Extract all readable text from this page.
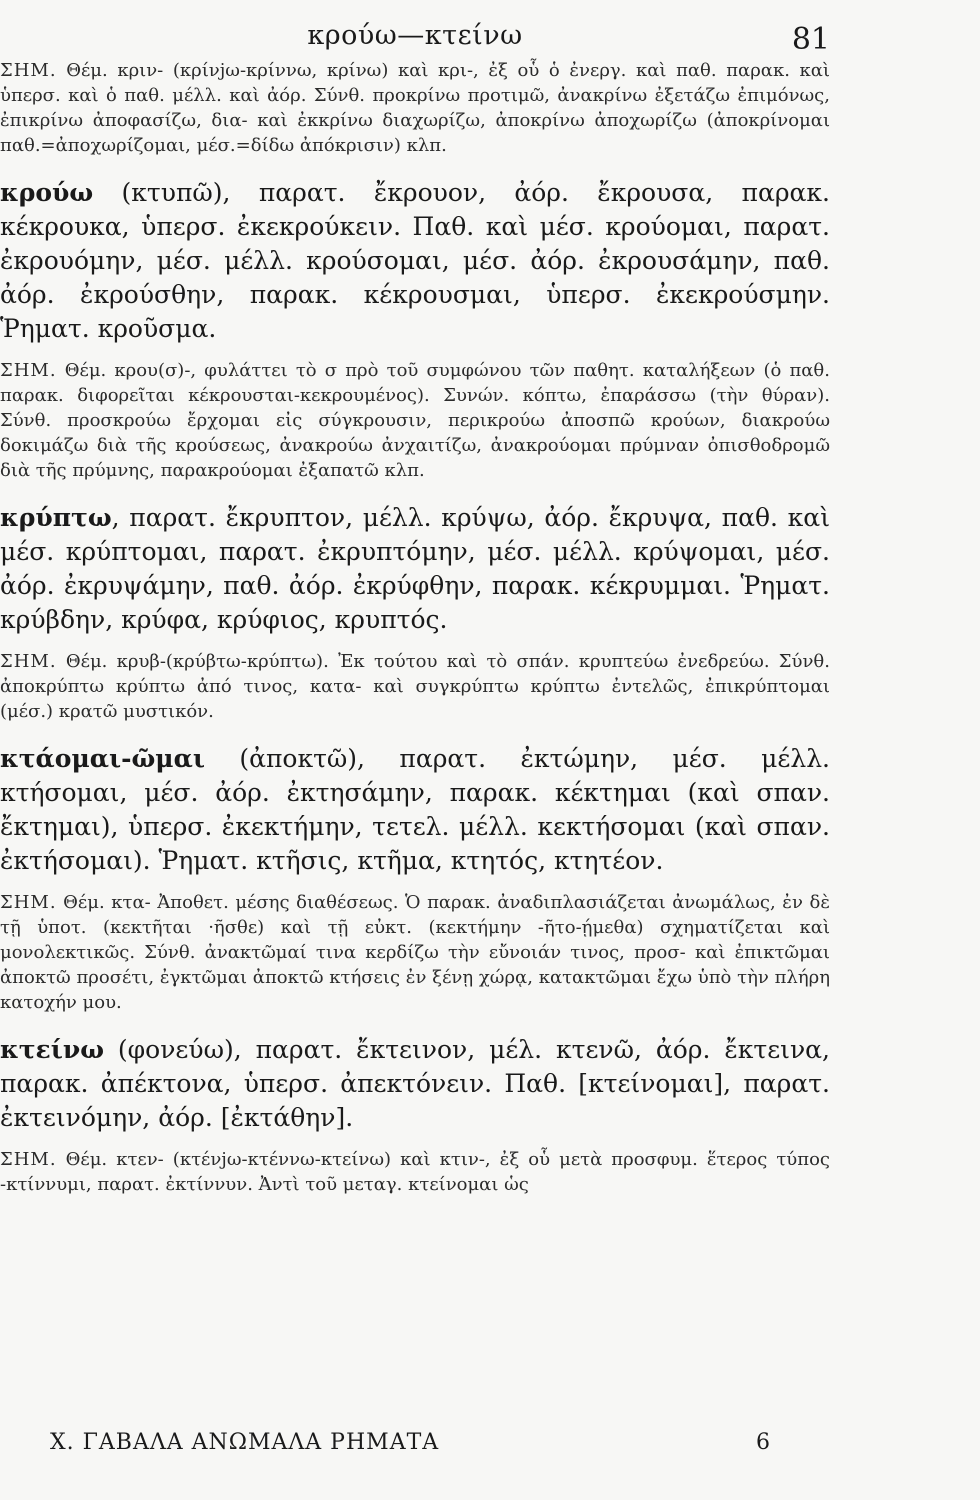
κρούω—κτείνω	81

ΣΗΜ. Θέμ. κριν- (κρίνjω-κρίννω, κρίνω) καὶ κρι-, ἐξ οὗ ὁ ἐνεργ. καὶ παθ. παρακ. καὶ ὑπερσ. καὶ ὁ παθ. μέλλ. καὶ ἀόρ. Σύνθ. προκρίνω προτιμῶ, ἀνακρίνω ἐξετάζω ἐπιμόνως, ἐπικρίνω ἀποφασίζω, δια- καὶ ἐκκρίνω διαχωρίζω, ἀποκρίνω ἀποχωρίζω (ἀποκρίνομαι παθ.=ἀποχωρίζομαι, μέσ.=δίδω ἀπόκρισιν) κλπ.

κρούω (κτυπῶ), παρατ. ἔκρουον, ἀόρ. ἔκρουσα, παρακ. κέκρουκα, ὑπερσ. ἐκεκρούκειν. Παθ. καὶ μέσ. κρούομαι, παρατ. ἐκρουόμην, μέσ. μέλλ. κρούσομαι, μέσ. ἀόρ. ἐκρουσάμην, παθ. ἀόρ. ἐκρούσθην, παρακ. κέκρουσμαι, ὑπερσ. ἐκεκρούσμην. Ῥηματ. κροῦσμα.

ΣΗΜ. Θέμ. κρου(σ)-, φυλάττει τὸ σ πρὸ τοῦ συμφώνου τῶν παθητ. καταλήξεων (ὁ παθ. παρακ. διφορεῖται κέκρουσται-κεκρουμένος). Συνών. κόπτω, ἐπαράσσω (τὴν θύραν). Σύνθ. προσκρούω ἔρχομαι εἰς σύγκρουσιν, περικρούω ἀποσπῶ κρούων, διακρούω δοκιμάζω διὰ τῆς κρούσεως, ἀνακρούω ἀνχαιτίζω, ἀνακρούομαι πρύμναν ὀπισθοδρομῶ διὰ τῆς πρύμνης, παρακρούομαι ἐξαπατῶ κλπ.

κρύπτω, παρατ. ἔκρυπτον, μέλλ. κρύψω, ἀόρ. ἔκρυψα, παθ. καὶ μέσ. κρύπτομαι, παρατ. ἐκρυπτόμην, μέσ. μέλλ. κρύψομαι, μέσ. ἀόρ. ἐκρυψάμην, παθ. ἀόρ. ἐκρύφθην, παρακ. κέκρυμμαι. Ῥηματ. κρύβδην, κρύφα, κρύφιος, κρυπτός.

ΣΗΜ. Θέμ. κρυβ-(κρύβτω-κρύπτω). Ἐκ τούτου καὶ τὸ σπάν. κρυπτεύω ἐνεδρεύω. Σύνθ. ἀποκρύπτω κρύπτω ἀπό τινος, κατα- καὶ συγκρύπτω κρύπτω ἐντελῶς, ἐπικρύπτομαι (μέσ.) κρατῶ μυστικόν.

κτάομαι-ῶμαι (ἀποκτῶ), παρατ. ἐκτώμην, μέσ. μέλλ. κτήσομαι, μέσ. ἀόρ. ἐκτησάμην, παρακ. κέκτημαι (καὶ σπαν. ἔκτημαι), ὑπερσ. ἐκεκτήμην, τετελ. μέλλ. κεκτήσομαι (καὶ σπαν. ἐκτήσομαι). Ῥηματ. κτῆσις, κτῆμα, κτητός, κτητέον.

ΣΗΜ. Θέμ. κτα- Ἀποθετ. μέσης διαθέσεως. Ὁ παρακ. ἀναδιπλασιάζεται ἀνωμάλως, ἐν δὲ τῇ ὑποτ. (κεκτῆται ·ῆσθε) καὶ τῇ εὐκτ. (κεκτήμην -ῆτο-ῄμεθα) σχηματίζεται καὶ μονολεκτικῶς. Σύνθ. ἀνακτῶμαί τινα κερδίζω τὴν εὔνοιάν τινος, προσ- καὶ ἐπικτῶμαι ἀποκτῶ προσέτι, ἐγκτῶμαι ἀποκτῶ κτήσεις ἐν ξένῃ χώρᾳ, κατακτῶμαι ἔχω ὑπὸ τὴν πλήρη κατοχήν μου.

κτείνω (φονεύω), παρατ. ἔκτεινον, μέλ. κτενῶ, ἀόρ. ἔκτεινα, παρακ. ἀπέκτονα, ὑπερσ. ἀπεκτόνειν. Παθ. [κτείνομαι], παρατ. ἐκτεινόμην, ἀόρ. [ἐκτάθην].

ΣΗΜ. Θέμ. κτεν- (κτένjω-κτέννω-κτείνω) καὶ κτιν-, ἐξ οὗ μετὰ προσφυμ. ἕτερος τύπος -κτίννυμι, παρατ. ἐκτίννυν. Ἀντὶ τοῦ μεταγ. κτείνομαι ὡς

Χ. ΓΑΒΑΛΑ ΑΝΩΜΑΛΑ ΡΗΜΑΤΑ	6
